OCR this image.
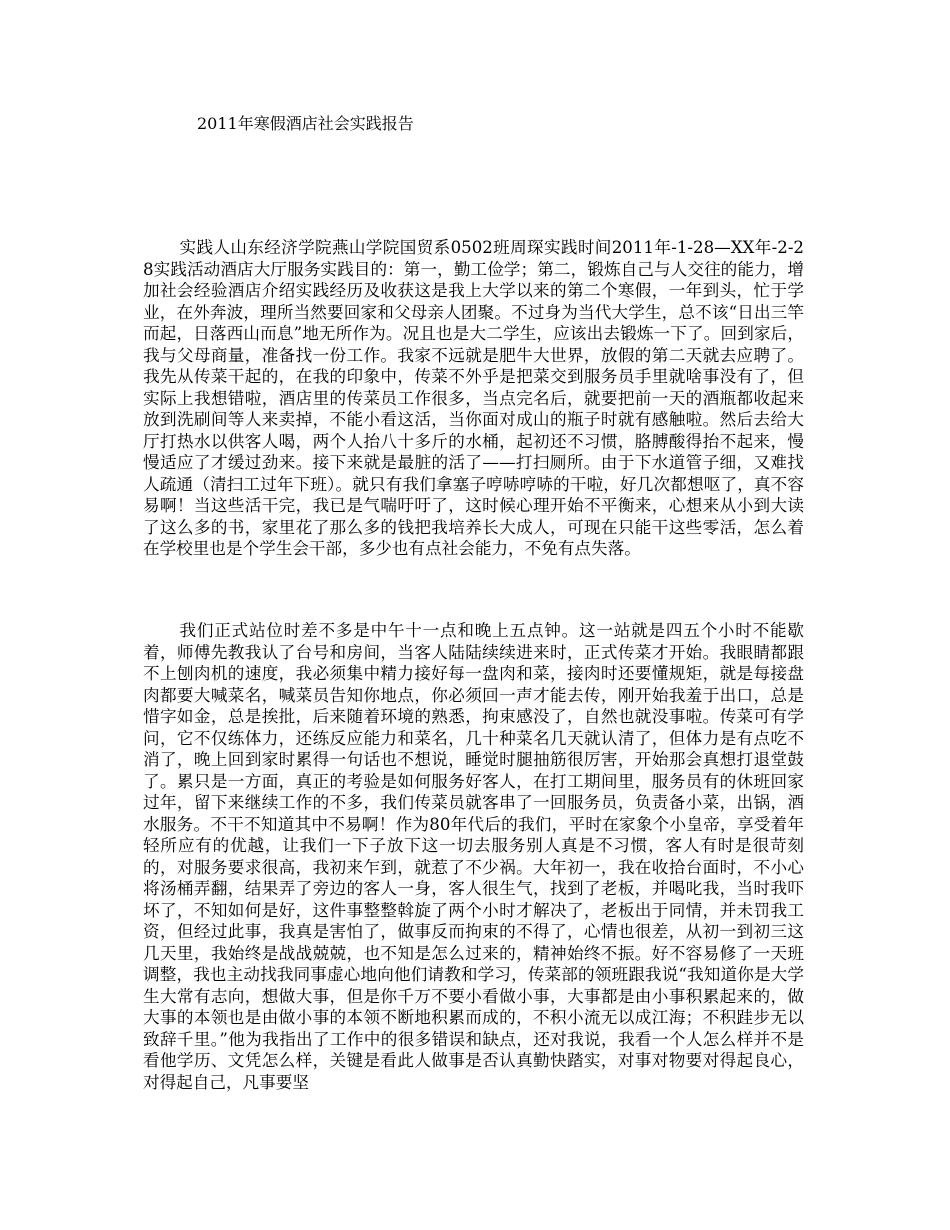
2011年寒假酒店社会实践报告

实践人山东经济学院燕山学院国贸系0502班周琛实践时间2011年-1-28—XX年-2-28实践活动酒店大厅服务实践目的：第一，勤工俭学；第二，锻炼自己与人交往的能力，增加社会经验酒店介绍实践经历及收获这是我上大学以来的第二个寒假，一年到头，忙于学业，在外奔波，理所当然要回家和父母亲人团聚。不过身为当代大学生，总不该“日出三竿而起，日落西山而息”地无所作为。况且也是大二学生，应该出去锻炼一下了。回到家后，我与父母商量，准备找一份工作。我家不远就是肥牛大世界，放假的第二天就去应聘了。我先从传菜干起的，在我的印象中，传菜不外乎是把菜交到服务员手里就啥事没有了，但实际上我想错啦，酒店里的传菜员工作很多，当点完名后，就要把前一天的酒瓶都收起来放到洗刷间等人来卖掉，不能小看这活，当你面对成山的瓶子时就有感触啦。然后去给大厅打热水以供客人喝，两个人抬八十多斤的水桶，起初还不习惯，胳膊酸得抬不起来，慢慢适应了才缓过劲来。接下来就是最脏的活了——打扫厕所。由于下水道管子细，又难找人疏通（清扫工过年下班）。就只有我们拿塞子哼哧哼哧的干啦，好几次都想呕了，真不容易啊！当这些活干完，我已是气喘吁吁了，这时候心理开始不平衡来，心想来从小到大读了这么多的书，家里花了那么多的钱把我培养长大成人，可现在只能干这些零活，怎么着在学校里也是个学生会干部，多少也有点社会能力，不免有点失落。

我们正式站位时差不多是中午十一点和晚上五点钟。这一站就是四五个小时不能歇着，师傅先教我认了台号和房间，当客人陆陆续续进来时，正式传菜才开始。我眼睛都跟不上刨肉机的速度，我必须集中精力接好每一盘肉和菜，接肉时还要懂规矩，就是每接盘肉都要大喊菜名，喊菜员告知你地点，你必须回一声才能去传，刚开始我羞于出口，总是惜字如金，总是挨批，后来随着环境的熟悉，拘束感没了，自然也就没事啦。传菜可有学问，它不仅练体力，还练反应能力和菜名，几十种菜名几天就认清了，但体力是有点吃不消了，晚上回到家时累得一句话也不想说，睡觉时腿抽筋很厉害，开始那会真想打退堂鼓了。累只是一方面，真正的考验是如何服务好客人，在打工期间里，服务员有的休班回家过年，留下来继续工作的不多，我们传菜员就客串了一回服务员，负责备小菜，出锅，酒水服务。不干不知道其中不易啊！作为80年代后的我们，平时在家象个小皇帝，享受着年轻所应有的优越，让我们一下子放下这一切去服务别人真是不习惯，客人有时是很苛刻的，对服务要求很高，我初来乍到，就惹了不少祸。大年初一，我在收拾台面时，不小心将汤桶弄翻，结果弄了旁边的客人一身，客人很生气，找到了老板，并喝叱我，当时我吓坏了，不知如何是好，这件事整整斡旋了两个小时才解决了，老板出于同情，并未罚我工资，但经过此事，我真是害怕了，做事反而拘束的不得了，心情也很差，从初一到初三这几天里，我始终是战战兢兢，也不知是怎么过来的，精神始终不振。好不容易修了一天班调整，我也主动找我同事虚心地向他们请教和学习，传菜部的领班跟我说“我知道你是大学生大常有志向，想做大事，但是你千万不要小看做小事，大事都是由小事积累起来的，做大事的本领也是由做小事的本领不断地积累而成的，不积小流无以成江海；不积跬步无以致辞千里。”他为我指出了工作中的很多错误和缺点，还对我说，我看一个人怎么样并不是看他学历、文凭怎么样，关键是看此人做事是否认真勤快踏实，对事对物要对得起良心，对得起自己，凡事要坚
